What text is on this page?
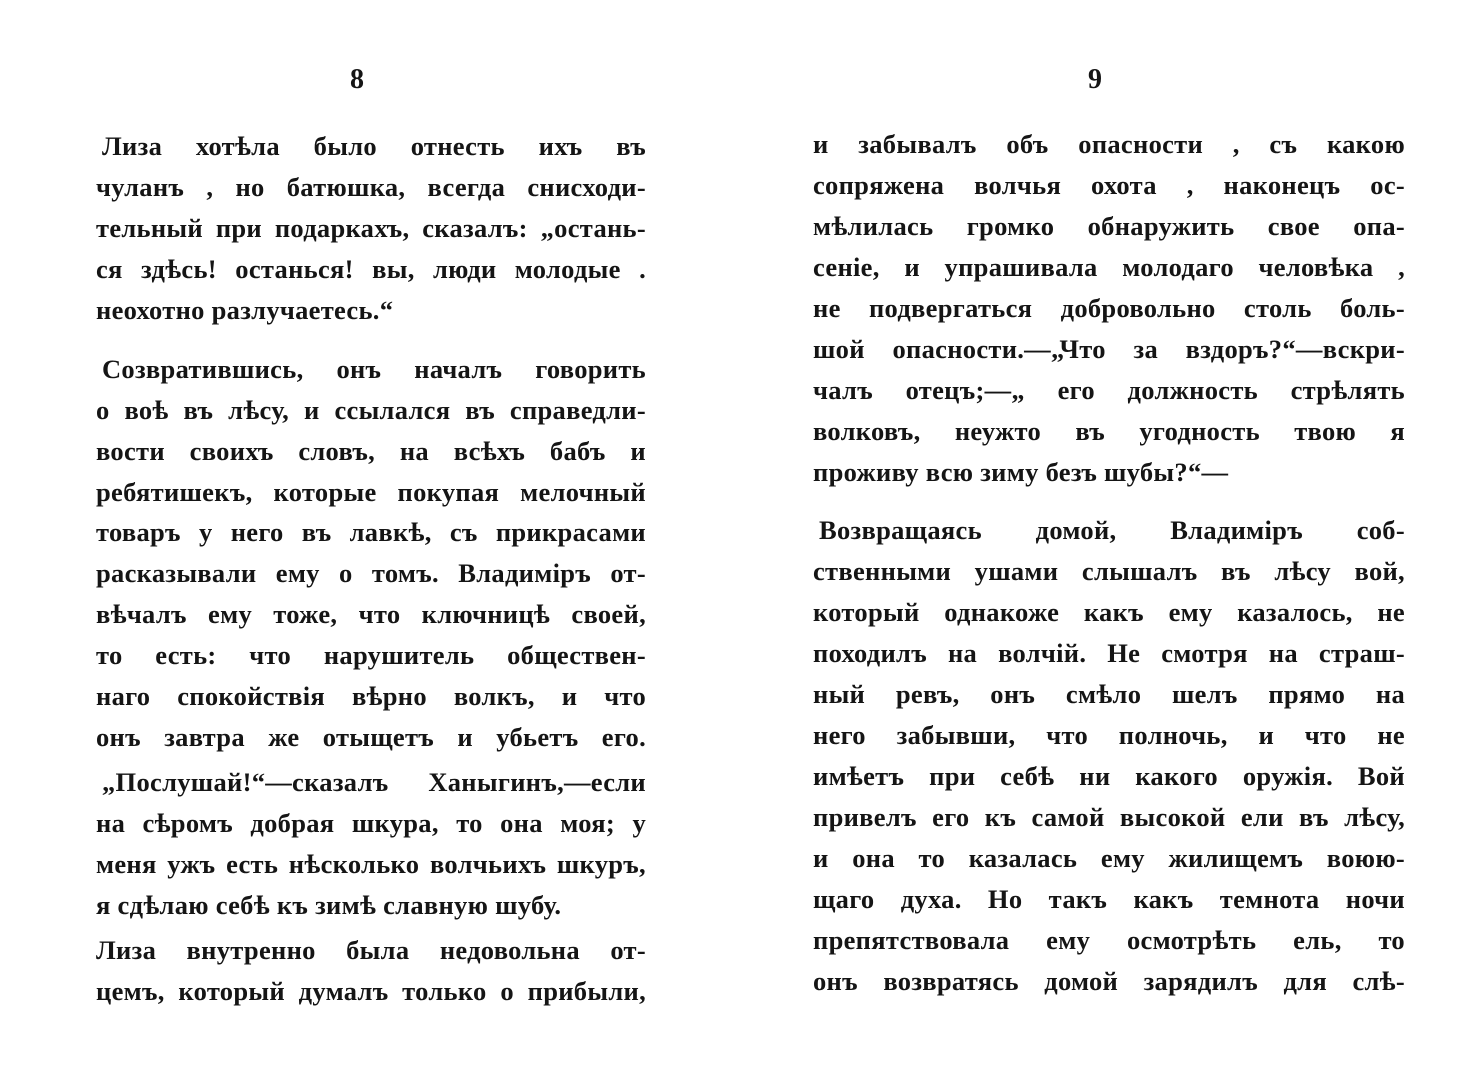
8
Лиза хотѣла было отнесть ихъ въ
чуланъ , но батюшка, всегда снисходи-
тельный при подаркахъ, сказалъ: „остань-
ся здѣсь! останься! вы, люди молодые .
неохотно разлучаетесь.“
Созвратившись, онъ началъ говорить
о воѣ въ лѣсу, и ссылался въ справедли-
вости своихъ словъ, на всѣхъ бабъ и
ребятишекъ, которые покупая мелочный
товаръ у него въ лавкѣ, съ прикрасами
расказывали ему о томъ. Владиміръ от-
вѣчалъ ему тоже, что ключницѣ своей,
то есть: что нарушитель обществен-
наго спокойствія вѣрно волкъ, и что
онъ завтра же отыщетъ и убьетъ его.
„Послушай!“—сказалъ Ханыгинъ,—если
на сѣромъ добрая шкура, то она моя; у
меня ужъ есть нѣсколько волчьихъ шкуръ,
я сдѣлаю себѣ къ зимѣ славную шубу.
Лиза внутренно была недовольна от-
цемъ, который думалъ только о прибыли,
9
и забывалъ объ опасности , съ какою
сопряжена волчья охота , наконецъ ос-
мѣлилась громко обнаружить свое опа-
сеніе, и упрашивала молодаго человѣка ,
не подвергаться добровольно столь боль-
шой опасности.—„Что за вздоръ?“—вскри-
чалъ отецъ;—„ его должность стрѣлять
волковъ, неужто въ угодность твою я
проживу всю зиму безъ шубы?“—
Возвращаясь домой, Владиміръ соб-
ственными ушами слышалъ въ лѣсу вой,
который однакоже какъ ему казалось, не
походилъ на волчій. Не смотря на страш-
ный ревъ, онъ смѣло шелъ прямо на
него забывши, что полночь, и что не
имѣетъ при себѣ ни какого оружія. Вой
привелъ его къ самой высокой ели въ лѣсу,
и она то казалась ему жилищемъ воюю-
щаго духа. Но такъ какъ темнота ночи
препятствовала ему осмотрѣть ель, то
онъ возвратясь домой зарядилъ для слѣ-
